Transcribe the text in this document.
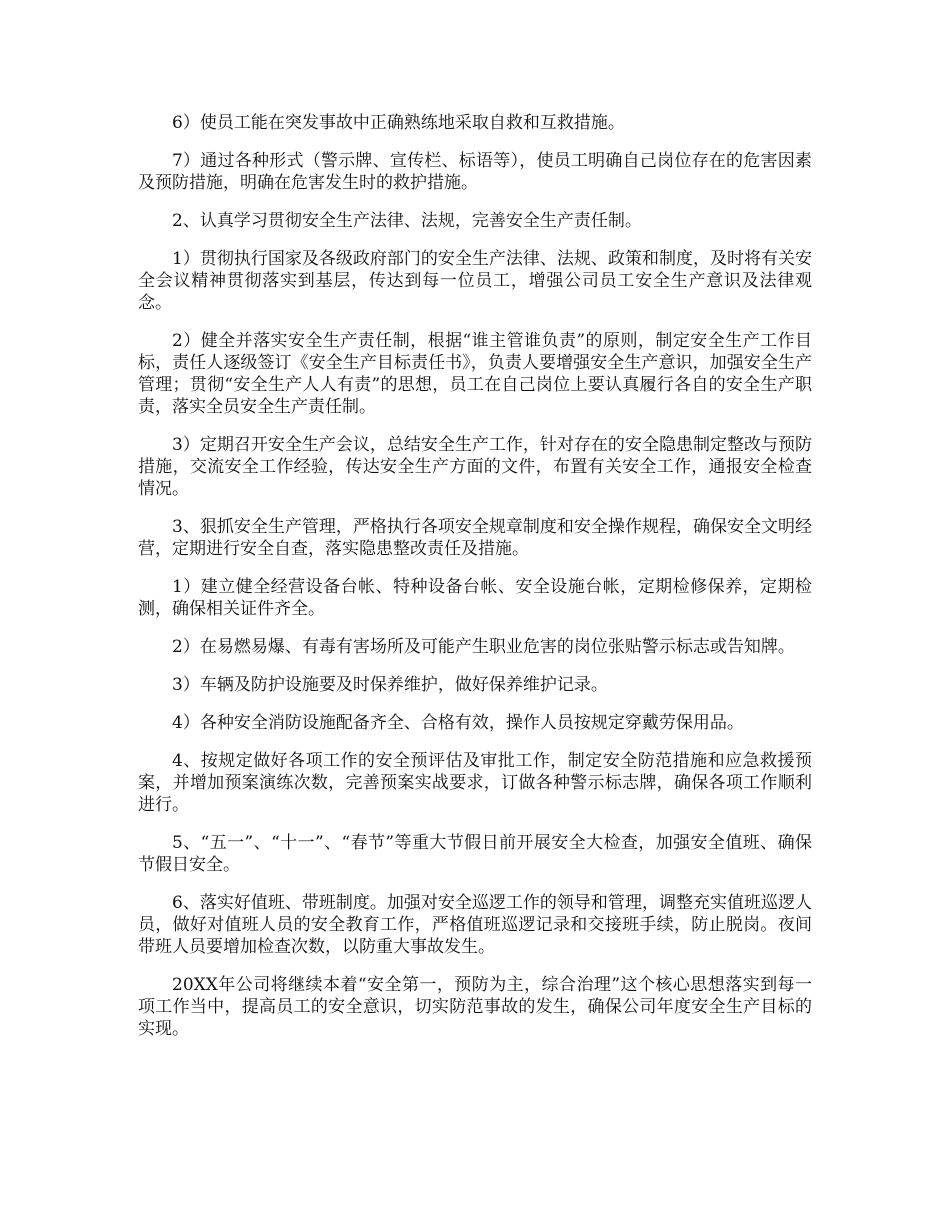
6）使员工能在突发事故中正确熟练地采取自救和互救措施。

7）通过各种形式（警示牌、宣传栏、标语等），使员工明确自己岗位存在的危害因素及预防措施，明确在危害发生时的救护措施。

2、认真学习贯彻安全生产法律、法规，完善安全生产责任制。

1）贯彻执行国家及各级政府部门的安全生产法律、法规、政策和制度，及时将有关安全会议精神贯彻落实到基层，传达到每一位员工，增强公司员工安全生产意识及法律观念。

2）健全并落实安全生产责任制，根据“谁主管谁负责”的原则，制定安全生产工作目标，责任人逐级签订《安全生产目标责任书》，负责人要增强安全生产意识，加强安全生产管理；贯彻“安全生产人人有责”的思想，员工在自己岗位上要认真履行各自的安全生产职责，落实全员安全生产责任制。

3）定期召开安全生产会议，总结安全生产工作，针对存在的安全隐患制定整改与预防措施，交流安全工作经验，传达安全生产方面的文件，布置有关安全工作，通报安全检查情况。

3、狠抓安全生产管理，严格执行各项安全规章制度和安全操作规程，确保安全文明经营，定期进行安全自查，落实隐患整改责任及措施。

1）建立健全经营设备台帐、特种设备台帐、安全设施台帐，定期检修保养，定期检测，确保相关证件齐全。

2）在易燃易爆、有毒有害场所及可能产生职业危害的岗位张贴警示标志或告知牌。

3）车辆及防护设施要及时保养维护，做好保养维护记录。

4）各种安全消防设施配备齐全、合格有效，操作人员按规定穿戴劳保用品。

4、按规定做好各项工作的安全预评估及审批工作，制定安全防范措施和应急救援预案，并增加预案演练次数，完善预案实战要求，订做各种警示标志牌，确保各项工作顺利进行。

5、“五一”、“十一”、“春节”等重大节假日前开展安全大检查，加强安全值班、确保节假日安全。

6、落实好值班、带班制度。加强对安全巡逻工作的领导和管理，调整充实值班巡逻人员，做好对值班人员的安全教育工作，严格值班巡逻记录和交接班手续，防止脱岗。夜间带班人员要增加检查次数，以防重大事故发生。

20XX年公司将继续本着“安全第一，预防为主，综合治理”这个核心思想落实到每一项工作当中，提高员工的安全意识，切实防范事故的发生，确保公司年度安全生产目标的实现。
